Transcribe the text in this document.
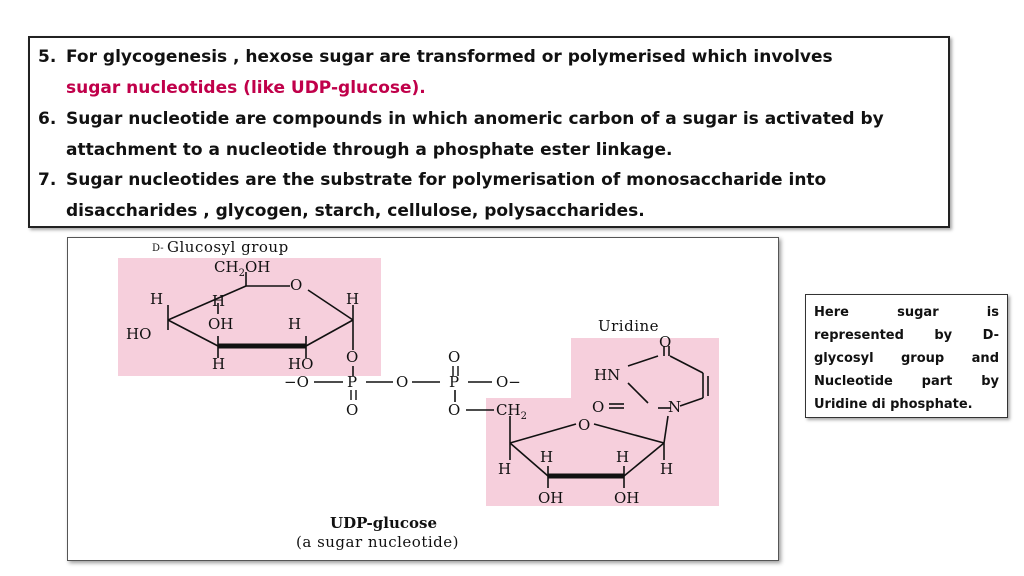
5. For glycogenesis , hexose sugar are transformed or polymerised which involves
sugar nucleotides (like UDP-glucose).
6. Sugar nucleotide are compounds in which anomeric carbon of a sugar is activated by attachment to a nucleotide through a phosphate ester linkage.
7. Sugar nucleotides are the substrate for polymerisation of monosaccharide into disaccharides , glycogen, starch, cellulose, polysaccharides.
D- Glucosyl group
Uridine
$CH_2OH$
O
H	H	H
HO
OH	H
H	HO O
−O	P
O
O
O
P O−
O $CH_2$	O
H
H	H
H
OH	OH
O
HN
O	N
UDP-glucose
(a sugar nucleotide)
Here sugar is represented by D-glycosyl group and Nucleotide part by Uridine di phosphate.
